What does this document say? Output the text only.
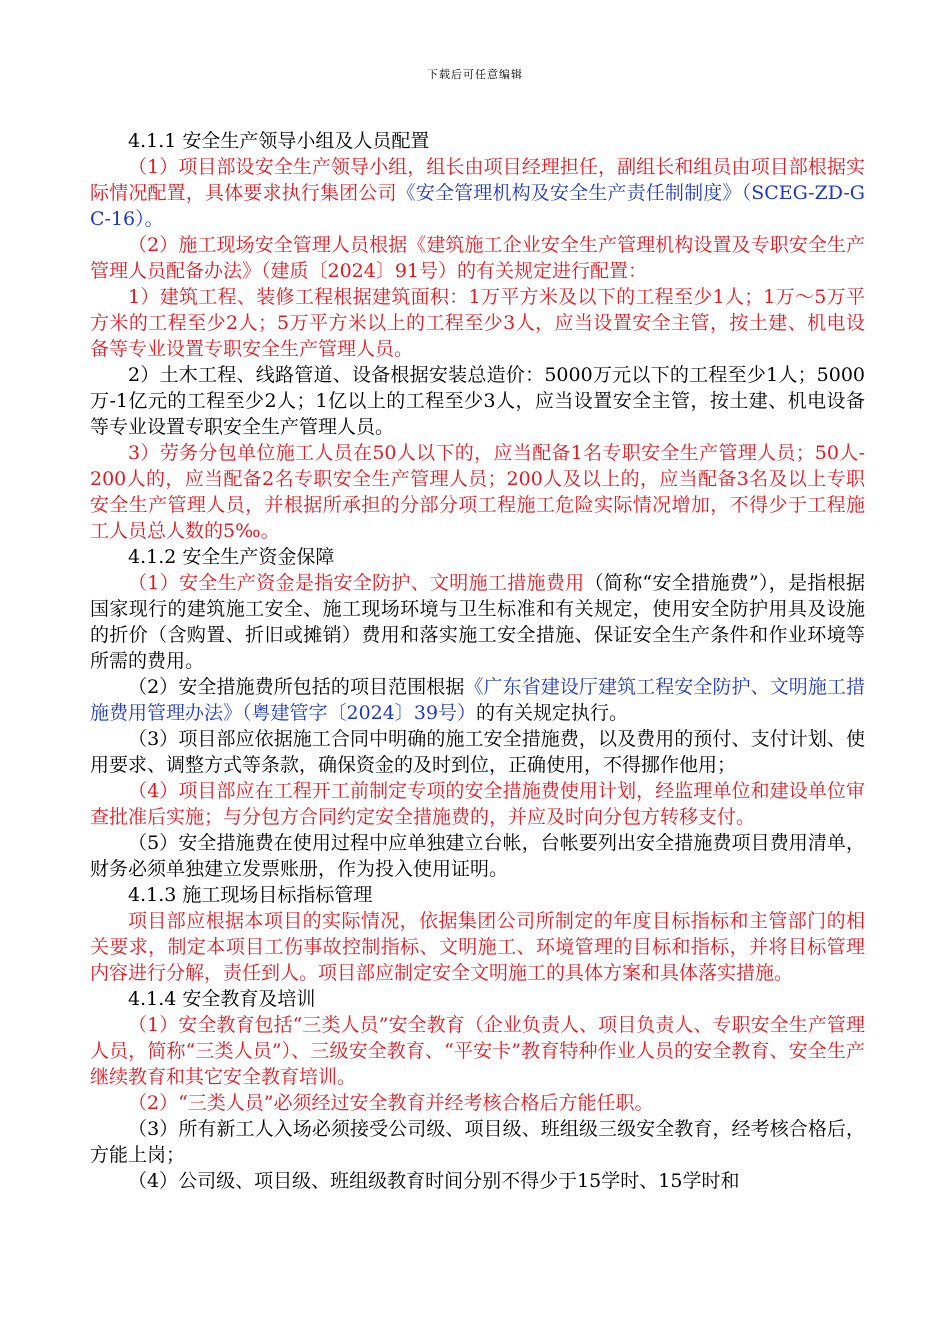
下载后可任意编辑

4.1.1 安全生产领导小组及人员配置

（1）项目部设安全生产领导小组，组长由项目经理担任，副组长和组员由项目部根据实际情况配置，具体要求执行集团公司《安全管理机构及安全生产责任制制度》（SCEG-ZD-GC-16）。

（2）施工现场安全管理人员根据《建筑施工企业安全生产管理机构设置及专职安全生产管理人员配备办法》（建质〔2024〕91号）的有关规定进行配置：

1）建筑工程、装修工程根据建筑面积：1万平方米及以下的工程至少1人；1万～5万平方米的工程至少2人；5万平方米以上的工程至少3人，应当设置安全主管，按土建、机电设备等专业设置专职安全生产管理人员。

2）土木工程、线路管道、设备根据安装总造价：5000万元以下的工程至少1人；5000万-1亿元的工程至少2人；1亿以上的工程至少3人，应当设置安全主管，按土建、机电设备等专业设置专职安全生产管理人员。

3）劳务分包单位施工人员在50人以下的，应当配备1名专职安全生产管理人员；50人-200人的，应当配备2名专职安全生产管理人员；200人及以上的，应当配备3名及以上专职安全生产管理人员，并根据所承担的分部分项工程施工危险实际情况增加，不得少于工程施工人员总人数的5‰。

4.1.2 安全生产资金保障

（1）安全生产资金是指安全防护、文明施工措施费用（简称“安全措施费”），是指根据国家现行的建筑施工安全、施工现场环境与卫生标准和有关规定，使用安全防护用具及设施的折价（含购置、折旧或摊销）费用和落实施工安全措施、保证安全生产条件和作业环境等所需的费用。

（2）安全措施费所包括的项目范围根据《广东省建设厅建筑工程安全防护、文明施工措施费用管理办法》（粤建管字〔2024〕39号）的有关规定执行。

（3）项目部应依据施工合同中明确的施工安全措施费，以及费用的预付、支付计划、使用要求、调整方式等条款，确保资金的及时到位，正确使用，不得挪作他用；

（4）项目部应在工程开工前制定专项的安全措施费使用计划，经监理单位和建设单位审查批准后实施；与分包方合同约定安全措施费的，并应及时向分包方转移支付。

（5）安全措施费在使用过程中应单独建立台帐，台帐要列出安全措施费项目费用清单，财务必须单独建立发票账册，作为投入使用证明。

4.1.3 施工现场目标指标管理

项目部应根据本项目的实际情况，依据集团公司所制定的年度目标指标和主管部门的相关要求，制定本项目工伤事故控制指标、文明施工、环境管理的目标和指标，并将目标管理内容进行分解，责任到人。项目部应制定安全文明施工的具体方案和具体落实措施。

4.1.4 安全教育及培训

（1）安全教育包括“三类人员”安全教育（企业负责人、项目负责人、专职安全生产管理人员，简称“三类人员”）、三级安全教育、“平安卡”教育特种作业人员的安全教育、安全生产继续教育和其它安全教育培训。

（2）“三类人员”必须经过安全教育并经考核合格后方能任职。

（3）所有新工人入场必须接受公司级、项目级、班组级三级安全教育，经考核合格后，方能上岗；

（4）公司级、项目级、班组级教育时间分别不得少于15学时、15学时和
